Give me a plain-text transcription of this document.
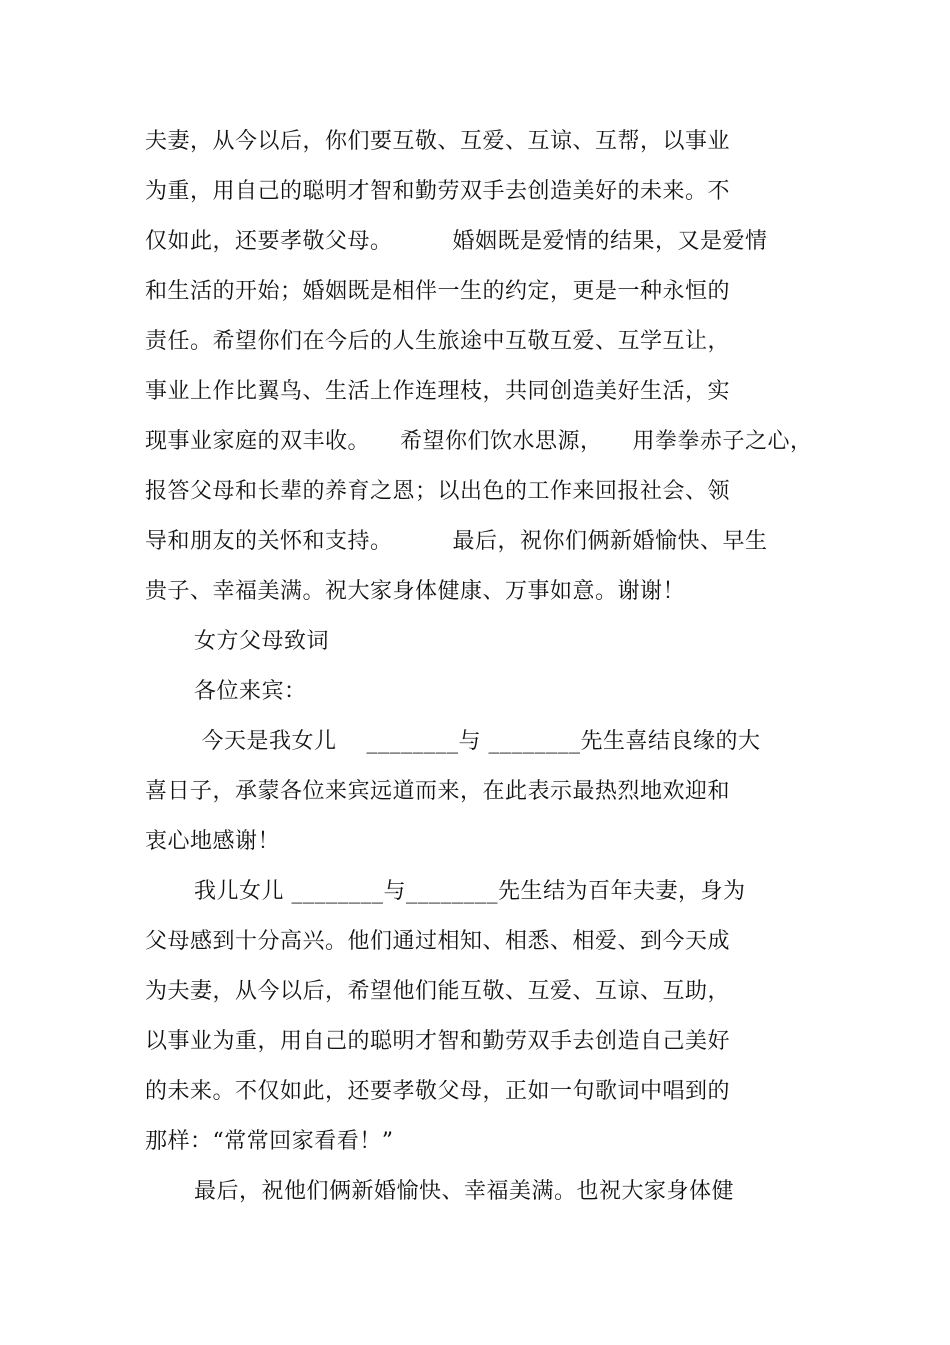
夫妻，从今以后，你们要互敬、互爱、互谅、互帮，以事业

为重，用自己的聪明才智和勤劳双手去创造美好的未来。不

仅如此，还要孝敬父母。        婚姻既是爱情的结果，又是爱情

和生活的开始；婚姻既是相伴一生的约定，更是一种永恒的

责任。希望你们在今后的人生旅途中互敬互爱、互学互让，

事业上作比翼鸟、生活上作连理枝，共同创造美好生活，实

现事业家庭的双丰收。    希望你们饮水思源，    用拳拳赤子之心，

报答父母和长辈的养育之恩；以出色的工作来回报社会、领

导和朋友的关怀和支持。        最后，祝你们俩新婚愉快、早生

贵子、幸福美满。祝大家身体健康、万事如意。谢谢！

女方父母致词

各位来宾：

今天是我女儿    ________与 ________先生喜结良缘的大

喜日子，承蒙各位来宾远道而来，在此表示最热烈地欢迎和

衷心地感谢！

我儿女儿 ________与________先生结为百年夫妻，身为

父母感到十分高兴。他们通过相知、相悉、相爱、到今天成

为夫妻，从今以后，希望他们能互敬、互爱、互谅、互助，

以事业为重，用自己的聪明才智和勤劳双手去创造自己美好

的未来。不仅如此，还要孝敬父母，正如一句歌词中唱到的

那样：“常常回家看看！”

最后，祝他们俩新婚愉快、幸福美满。也祝大家身体健
